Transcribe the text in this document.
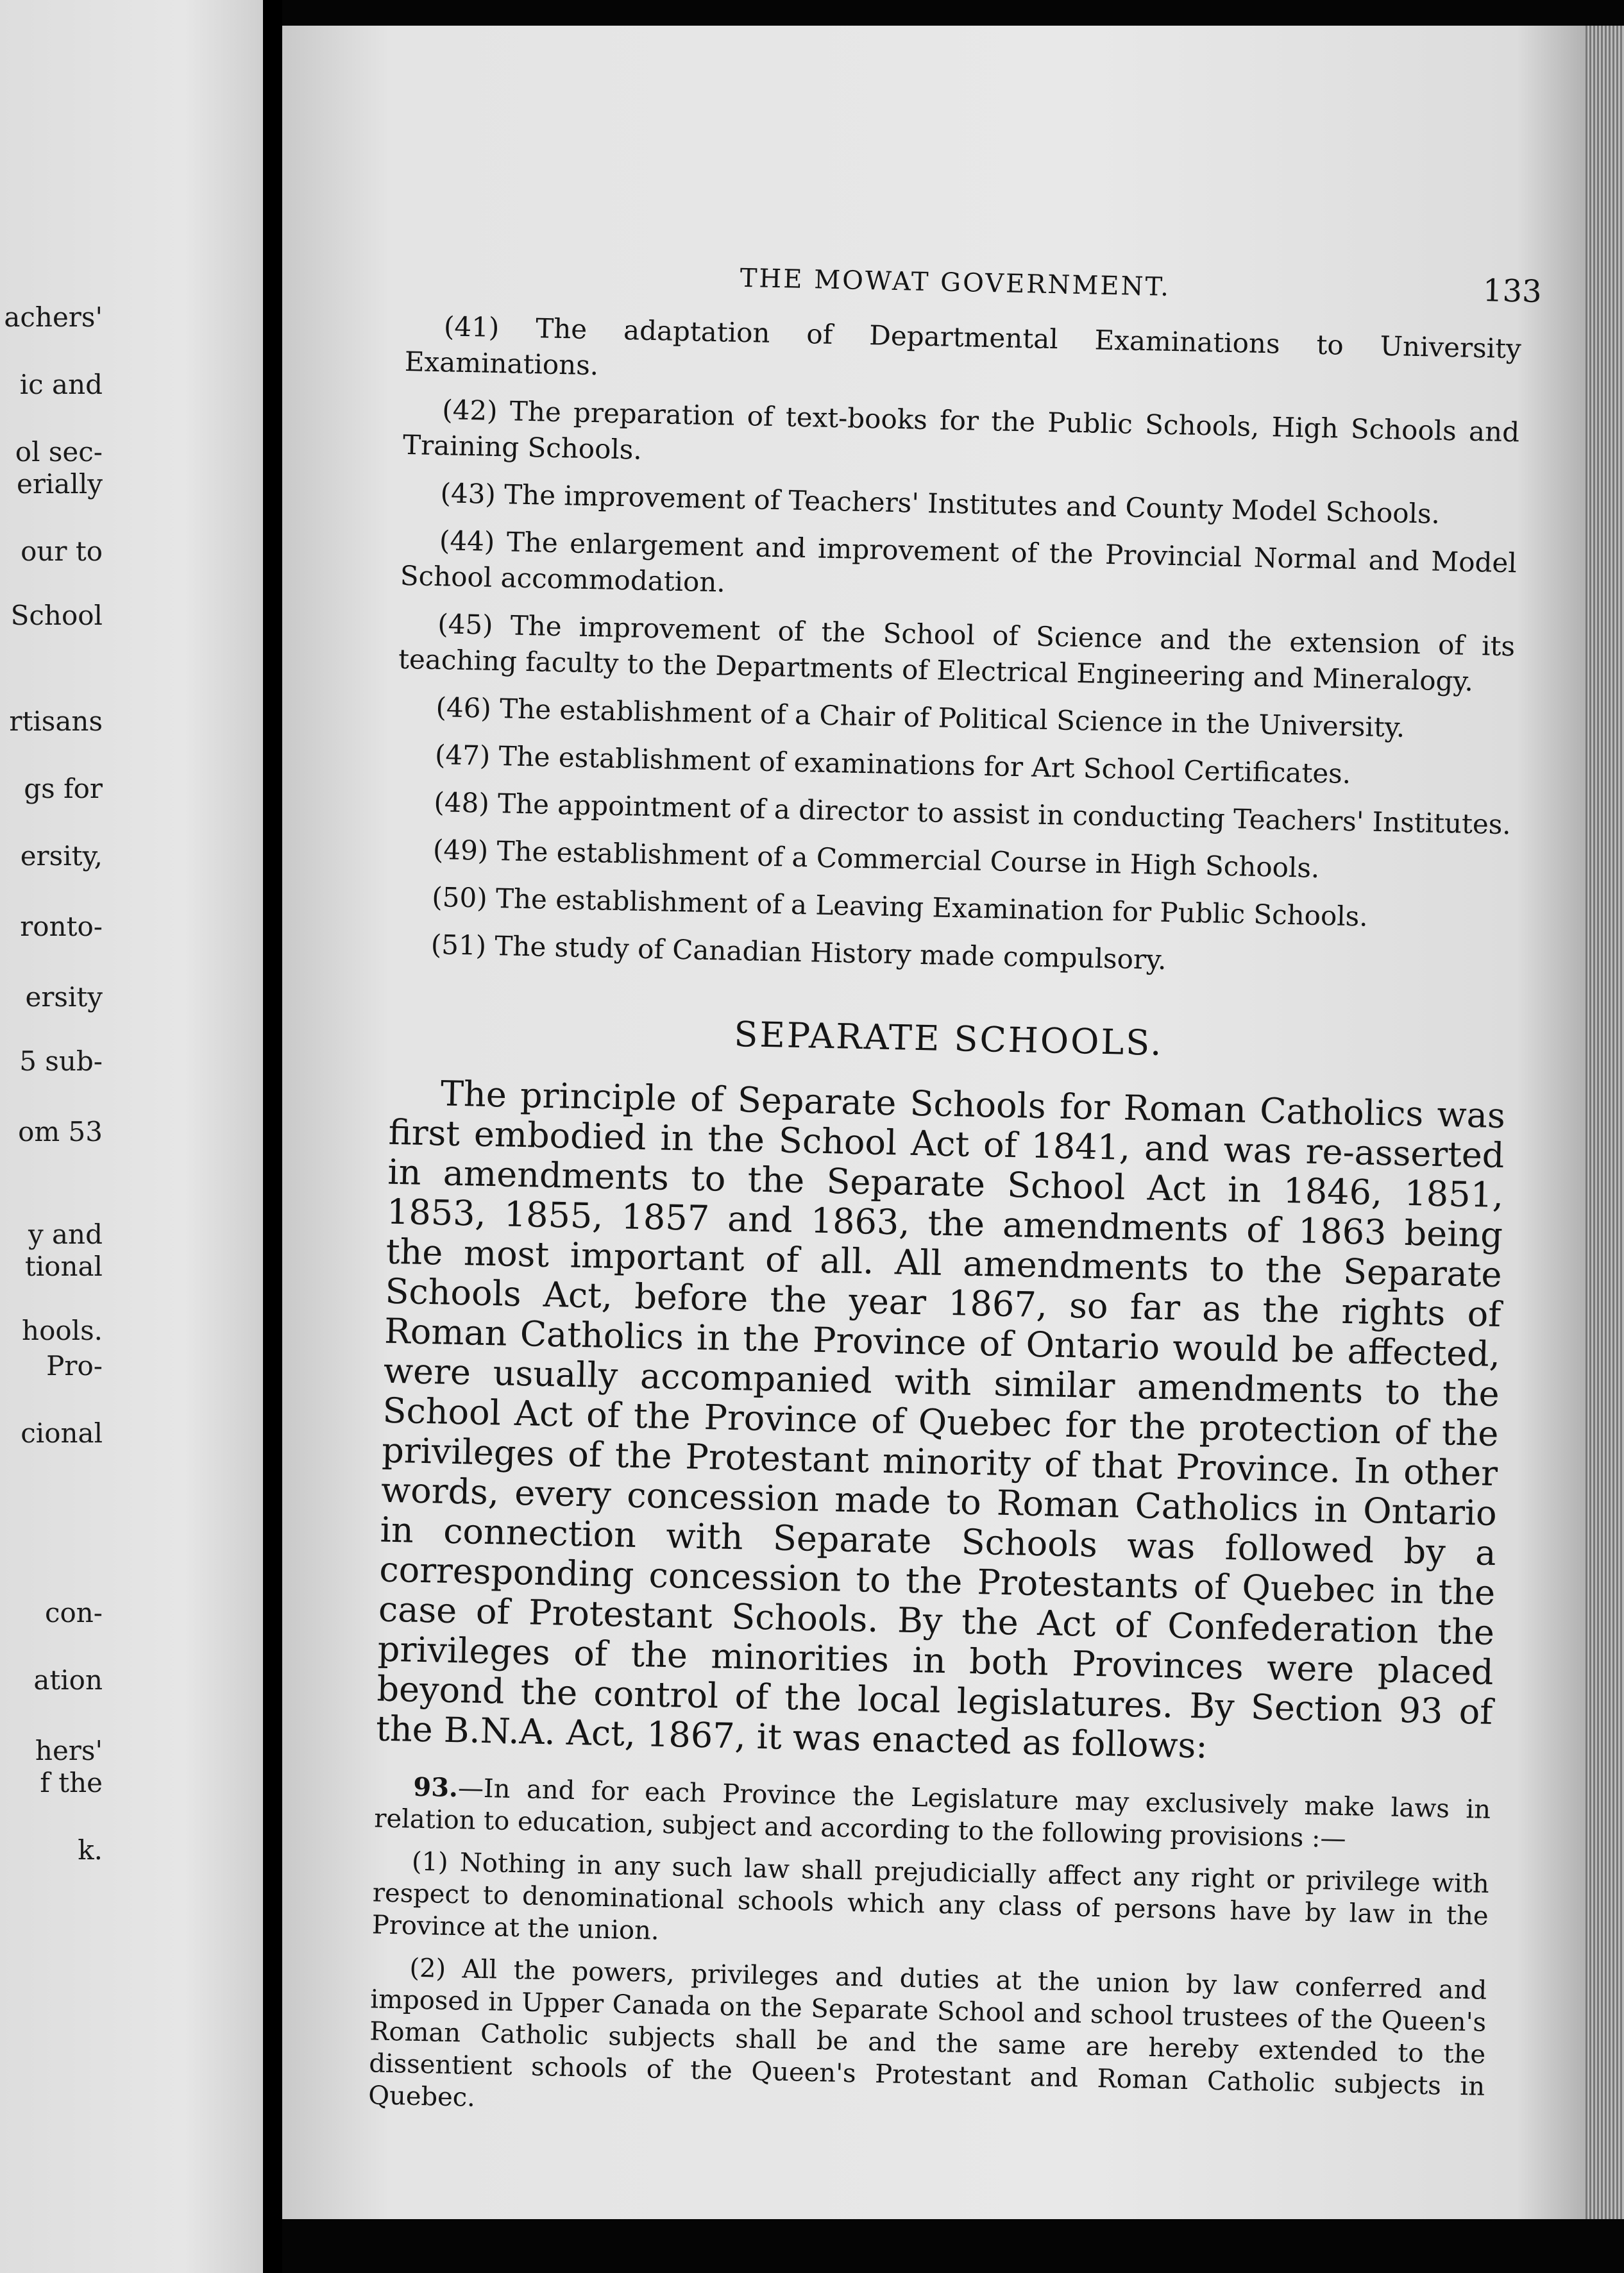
achers'
ic and
ol sec-
erially
our to
School
rtisans
gs for
ersity,
ronto-
ersity
5 sub-
om 53
y and
tional
hools.
Pro-
cional
con-
ation
hers'
f the
k.
THE MOWAT GOVERNMENT.	133
(41) The adaptation of Departmental Examinations to University Examinations.
(42) The preparation of text-books for the Public Schools, High Schools and Training Schools.
(43) The improvement of Teachers' Institutes and County Model Schools.
(44) The enlargement and improvement of the Provincial Normal and Model School accommodation.
(45) The improvement of the School of Science and the extension of its teaching faculty to the Departments of Electrical Engineering and Mineralogy.
(46) The establishment of a Chair of Political Science in the University.
(47) The establishment of examinations for Art School Certificates.
(48) The appointment of a director to assist in conducting Teachers' Institutes.
(49) The establishment of a Commercial Course in High Schools.
(50) The establishment of a Leaving Examination for Public Schools.
(51) The study of Canadian History made compulsory.
SEPARATE SCHOOLS.

The principle of Separate Schools for Roman Catholics was first embodied in the School Act of 1841, and was re-asserted in amendments to the Separate School Act in 1846, 1851, 1853, 1855, 1857 and 1863, the amendments of 1863 being the most important of all. All amendments to the Separate Schools Act, before the year 1867, so far as the rights of Roman Catholics in the Province of Ontario would be affected, were usually accompanied with similar amendments to the School Act of the Province of Quebec for the protection of the privileges of the Protestant minority of that Province. In other words, every concession made to Roman Catholics in Ontario in connection with Separate Schools was followed by a corresponding concession to the Protestants of Quebec in the case of Protestant Schools. By the Act of Confederation the privileges of the minorities in both Provinces were placed beyond the control of the local legislatures. By Section 93 of the B.N.A. Act, 1867, it was enacted as follows:

93.—In and for each Province the Legislature may exclusively make laws in relation to education, subject and according to the following provisions :—

(1) Nothing in any such law shall prejudicially affect any right or privilege with respect to denominational schools which any class of persons have by law in the Province at the union.

(2) All the powers, privileges and duties at the union by law conferred and imposed in Upper Canada on the Separate School and school trustees of the Queen's Roman Catholic subjects shall be and the same are hereby extended to the dissentient schools of the Queen's Protestant and Roman Catholic subjects in Quebec.
